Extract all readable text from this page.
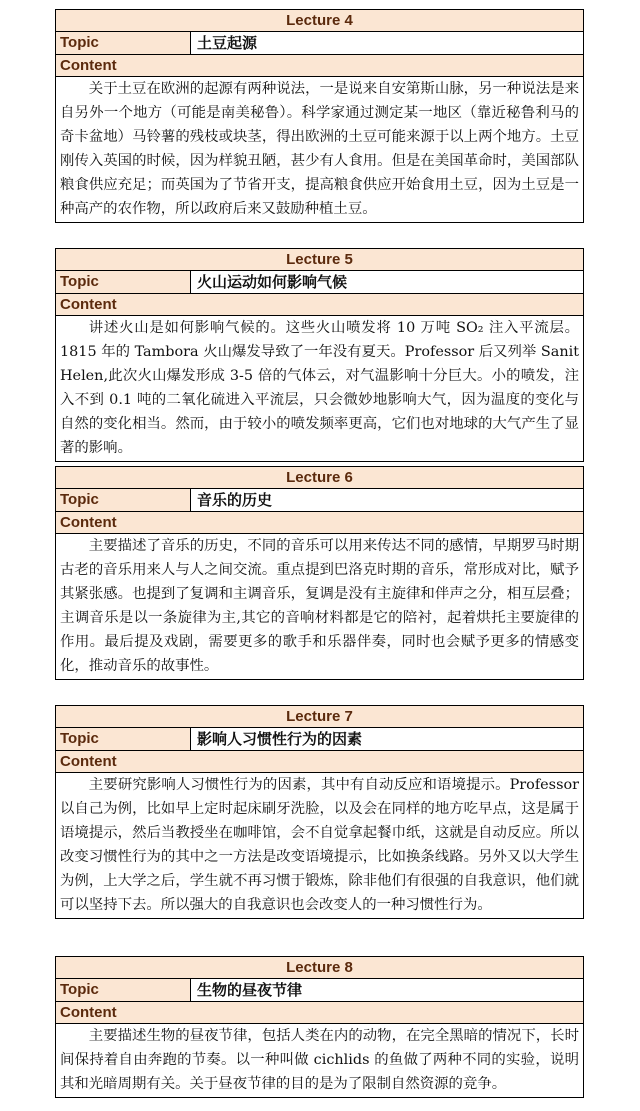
Lecture 4
Topic	土豆起源
Content
关于土豆在欧洲的起源有两种说法，一是说来自安第斯山脉，另一种说法是来自另外一个地方（可能是南美秘鲁）。科学家通过测定某一地区（靠近秘鲁利马的奇卡盆地）马铃薯的残枝或块茎，得出欧洲的土豆可能来源于以上两个地方。土豆刚传入英国的时候，因为样貌丑陋，甚少有人食用。但是在美国革命时，美国部队粮食供应充足；而英国为了节省开支，提高粮食供应开始食用土豆，因为土豆是一种高产的农作物，所以政府后来又鼓励种植土豆。
Lecture 5
Topic	火山运动如何影响气候
Content
讲述火山是如何影响气候的。这些火山喷发将 10 万吨 SO₂ 注入平流层。1815 年的 Tambora 火山爆发导致了一年没有夏天。Professor 后又列举 Sanit Helen,此次火山爆发形成 3-5 倍的气体云，对气温影响十分巨大。小的喷发，注入不到 0.1 吨的二氧化硫进入平流层，只会微妙地影响大气，因为温度的变化与自然的变化相当。然而，由于较小的喷发频率更高，它们也对地球的大气产生了显著的影响。
Lecture 6
Topic	音乐的历史
Content
主要描述了音乐的历史，不同的音乐可以用来传达不同的感情，早期罗马时期古老的音乐用来人与人之间交流。重点提到巴洛克时期的音乐，常形成对比，赋予其紧张感。也提到了复调和主调音乐，复调是没有主旋律和伴声之分，相互层叠；主调音乐是以一条旋律为主,其它的音响材料都是它的陪衬，起着烘托主要旋律的作用。最后提及戏剧，需要更多的歌手和乐器伴奏，同时也会赋予更多的情感变化，推动音乐的故事性。
Lecture 7
Topic	影响人习惯性行为的因素
Content
主要研究影响人习惯性行为的因素，其中有自动反应和语境提示。Professor 以自己为例，比如早上定时起床刷牙洗脸，以及会在同样的地方吃早点，这是属于语境提示，然后当教授坐在咖啡馆，会不自觉拿起餐巾纸，这就是自动反应。所以改变习惯性行为的其中之一方法是改变语境提示，比如换条线路。另外又以大学生为例，上大学之后，学生就不再习惯于锻炼，除非他们有很强的自我意识，他们就可以坚持下去。所以强大的自我意识也会改变人的一种习惯性行为。
Lecture 8
Topic	生物的昼夜节律
Content
主要描述生物的昼夜节律，包括人类在内的动物，在完全黑暗的情况下，长时间保持着自由奔跑的节奏。以一种叫做 cichlids 的鱼做了两种不同的实验，说明其和光暗周期有关。关于昼夜节律的目的是为了限制自然资源的竞争。
